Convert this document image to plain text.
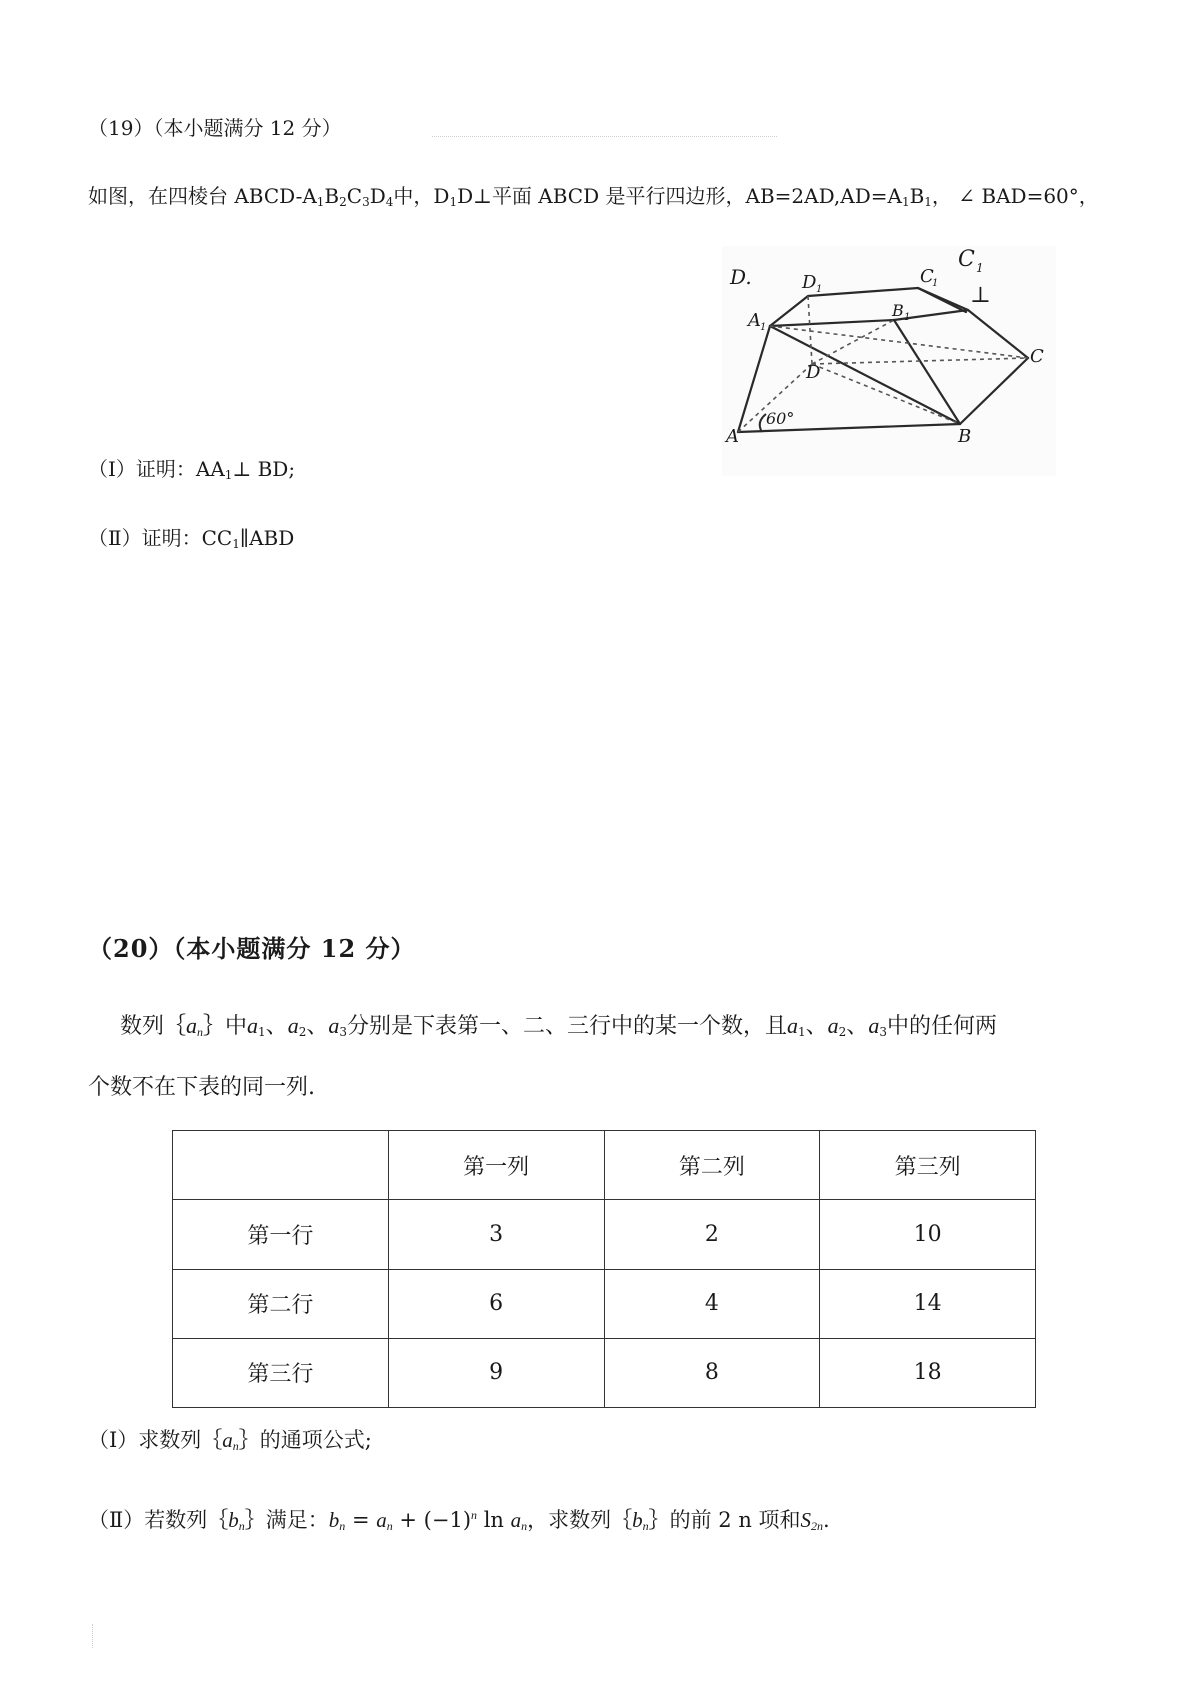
（19）（本小题满分 12 分）
如图，在四棱台 ABCD-$A_1B_2C_3D_4$中，$D_1D\perp$平面 ABCD 是平行四边形，$AB=2AD,AD=A_1B_1$， ∠ BAD=60°，
D.	D 1
C
1
B 1
A 1
C
D
60°
B
A
C 1
⊥
（Ⅰ）证明：$AA_1\perp$ BD;
（Ⅱ）证明：$CC_1\parallel ABD$
（20）（本小题满分 12 分）
数列$\{a_n\}$中$a_1$、$a_2$、$a_3$分别是下表第一、二、三行中的某一个数，且$a_1$、$a_2$、$a_3$中的任何两
个数不在下表的同一列.
	第一列	第二列	第三列
第一行	3	2	10
第二行	6	4	14
第三行	9	8	18
（Ⅰ）求数列$\{a_n\}$的通项公式;
（Ⅱ）若数列$\{b_n\}$满足：$b_n = a_n + (-1)^n$ $\ln a_n$，求数列$\{b_n\}$的前 2 n 项和$S_{2n}$.
